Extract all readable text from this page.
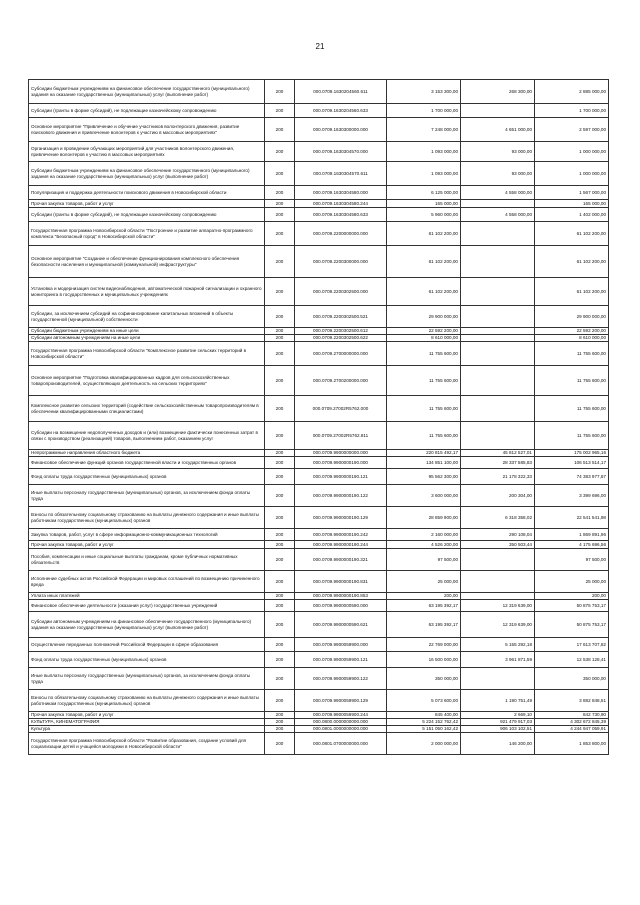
21
Субсидии бюджетным учреждениям на финансовое обеспечение государственного (муниципального) задания на оказание государственных (муниципальных) услуг (выполнение работ)	200	000.0709.1630204560.611	3 153 300,00	268 300,00	2 885 000,00
Субсидии (гранты в форме субсидий), не подлежащие казначейскому сопровождению	200	000.0709.1630204560.633	1 700 000,00		1 700 000,00
Основное мероприятие "Привлечение и обучение участников волонтерского движения, развитие поискового движения и привлечение волонтеров к участию в массовых мероприятиях"	200	000.0709.1630300000.000	7 248 000,00	4 651 000,00	2 597 000,00
Организация и проведение обучающих мероприятий для участников волонтерского движения, привлечение волонтеров к участию в массовых мероприятиях	200	000.0709.1630304570.000	1 093 000,00	93 000,00	1 000 000,00
Субсидии бюджетным учреждениям на финансовое обеспечение государственного (муниципального) задания на оказание государственных (муниципальных) услуг (выполнение работ)	200	000.0709.1630304570.611	1 093 000,00	93 000,00	1 000 000,00
Популяризация и поддержка деятельности поискового движения в Новосибирской области	200	000.0709.1630304580.000	6 125 000,00	4 558 000,00	1 567 000,00
Прочая закупка товаров, работ и услуг	200	000.0709.1630304580.244	165 000,00		165 000,00
Субсидии (гранты в форме субсидий), не подлежащие казначейскому сопровождению	200	000.0709.1630304580.633	5 960 000,00	4 558 000,00	1 402 000,00
Государственная программа Новосибирской области "Построение и развитие аппаратно-программного комплекса "Безопасный город" в Новосибирской области"	200	000.0709.2200000000.000	61 102 200,00		61 102 200,00
Основное мероприятие "Создание и обеспечение функционирования комплексного обеспечения безопасности населения и муниципальной (коммунальной) инфраструктуры"	200	000.0709.2200300000.000	61 102 200,00		61 102 200,00
Установка и модернизация систем видеонаблюдения, автоматической пожарной сигнализации и охранного мониторинга в государственных и муниципальных учреждениях	200	000.0709.2200302500.000	61 102 200,00		61 102 200,00
Субсидии, за исключением субсидий на софинансирование капитальных вложений в объекты государственной (муниципальной) собственности	200	000.0709.2200302500.521	29 900 000,00		29 900 000,00
Субсидии бюджетным учреждениям на иные цели	200	000.0709.2200302500.612	22 592 200,00		22 592 200,00
Субсидии автономным учреждениям на иные цели	200	000.0709.2200302500.622	8 610 000,00		8 610 000,00
Государственная программа Новосибирской области "Комплексное развитие сельских территорий в Новосибирской области"	200	000.0709.2700000000.000	11 755 600,00		11 755 600,00
Основное мероприятие "Подготовка квалифицированных кадров для сельскохозяйственных товаропроизводителей, осуществляющих деятельность на сельских территориях"	200	000.0709.2700200000.000	11 755 600,00		11 755 600,00
Комплексное развитие сельских территорий (содействие сельскохозяйственным товаропроизводителям в обеспечении квалифицированными специалистами)	200	000.0709.27002R5762.000	11 755 600,00		11 755 600,00
Субсидии на возмещение недополученных доходов и (или) возмещение фактически понесенных затрат в связи с производством (реализацией) товаров, выполнением работ, оказанием услуг	200	000.0709.27002R5762.811	11 755 600,00		11 755 600,00
Непрограммные направления областного бюджета	200	000.0709.9900000000.000	220 815 492,17	45 812 527,01	175 002 965,16
Финансовое обеспечение функций органов государственной власти и государственных органов	200	000.0709.9900000190.000	134 851 100,00	28 337 585,83	106 513 514,17
Фонд оплаты труда государственных (муниципальных) органов	200	000.0709.9900000190.121	95 562 300,00	21 178 322,33	74 383 977,67
Иные выплаты персоналу государственных (муниципальных) органов, за исключением фонда оплаты труда	200	000.0709.9900000190.122	3 600 000,00	200 304,00	3 399 696,00
Взносы по обязательному социальному страхованию на выплаты денежного содержания и иные выплаты работникам государственных (муниципальных) органов	200	000.0709.9900000190.129	28 859 900,00	6 318 358,02	22 541 541,98
Закупка товаров, работ, услуг в сфере информационно-коммуникационных технологий	200	000.0709.9900000190.242	2 160 000,00	290 108,04	1 869 891,96
Прочая закупка товаров, работ и услуг	200	000.0709.9900000190.244	4 526 200,00	350 503,44	4 175 696,56
Пособия, компенсации и иные социальные выплаты гражданам, кроме публичных нормативных обязательств	200	000.0709.9900000190.321	97 500,00		97 500,00
Исполнение судебных актов Российской Федерации и мировых соглашений по возмещению причиненного вреда	200	000.0709.9900000190.831	25 000,00		25 000,00
Уплата иных платежей	200	000.0709.9900000190.853	200,00		200,00
Финансовое обеспечение деятельности (оказания услуг) государственных учреждений	200	000.0709.9900000590.000	63 195 392,17	12 319 639,00	50 875 753,17
Субсидии автономным учреждениям на финансовое обеспечение государственного (муниципального) задания на оказание государственных (муниципальных) услуг (выполнение работ)	200	000.0709.9900000590.621	63 195 392,17	12 319 639,00	50 875 753,17
Осуществление переданных полномочий Российской Федерации в сфере образования	200	000.0709.9900059900.000	22 769 000,00	5 155 292,18	17 613 707,82
Фонд оплаты труда государственных (муниципальных) органов	200	000.0709.9900059900.121	16 500 000,00	3 961 871,59	12 538 128,41
Иные выплаты персоналу государственных (муниципальных) органов, за исключением фонда оплаты труда	200	000.0709.9900059900.122	350 000,00		350 000,00
Взносы по обязательному социальному страхованию на выплаты денежного содержания и иные выплаты работникам государственных (муниципальных) органов	200	000.0709.9900059900.129	5 073 600,00	1 190 751,49	3 882 848,51
Прочая закупка товаров, работ и услуг	200	000.0709.9900059900.244	845 400,00	2 669,10	842 730,90
КУЛЬТУРА, КИНЕМАТОГРАФИЯ	200	000.0800.0000000000.000	5 224 152 762,42	921 479 917,03	4 302 672 845,39
Культура	200	000.0801.0000000000.000	5 151 050 162,42	906 103 102,51	4 244 947 059,91
Государственная программа Новосибирской области "Развитие образования, создание условий для социализации детей и учащейся молодежи в Новосибирской области"	200	000.0801.0700000000.000	2 000 000,00	146 200,00	1 853 800,00
